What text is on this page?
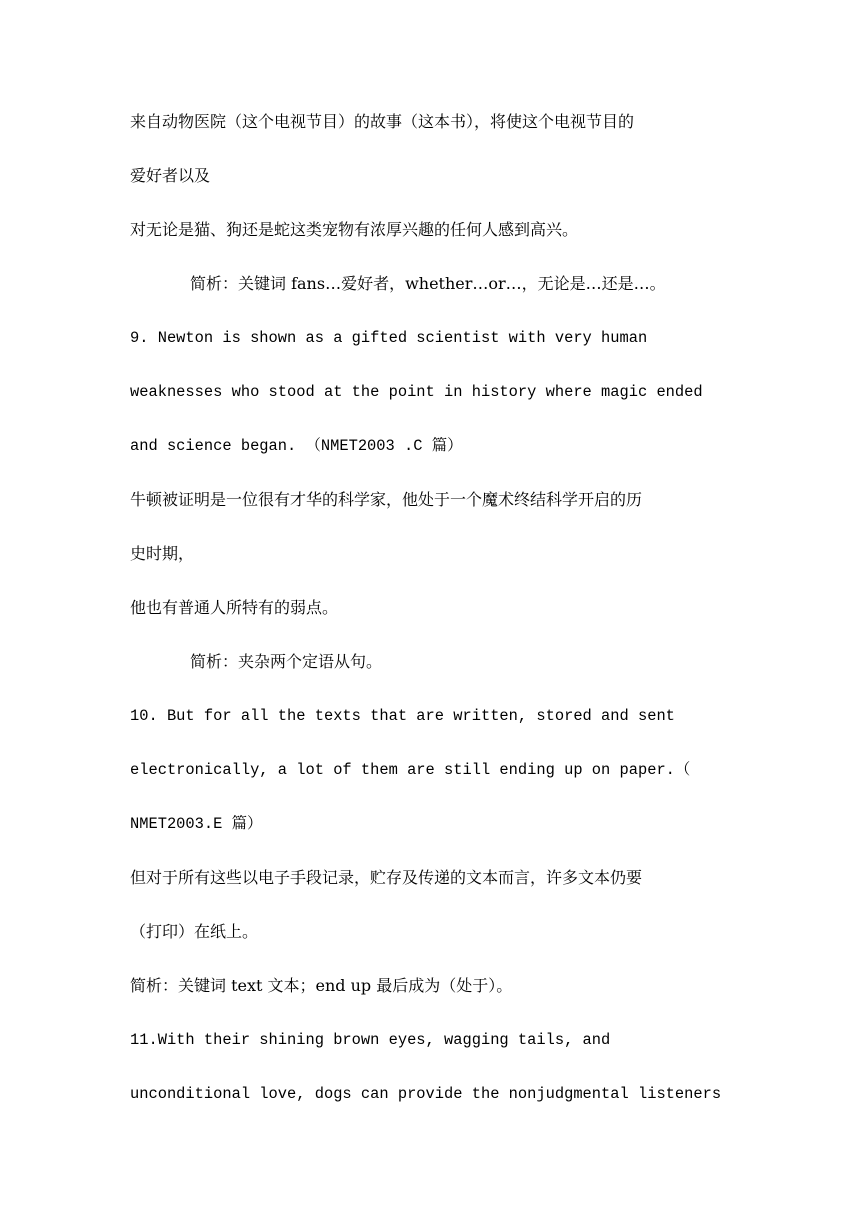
来自动物医院（这个电视节目）的故事（这本书），将使这个电视节目的
爱好者以及
对无论是猫、狗还是蛇这类宠物有浓厚兴趣的任何人感到高兴。
简析：关键词 fans…爱好者，whether…or…，无论是…还是…。
9. Newton is shown as a gifted scientist with very human
weaknesses who stood at the point in history where magic ended
and science began. （NMET2003 .C 篇）
牛顿被证明是一位很有才华的科学家，他处于一个魔术终结科学开启的历
史时期，
他也有普通人所特有的弱点。
简析：夹杂两个定语从句。
10. But for all the texts that are written, stored and sent
electronically, a lot of them are still ending up on paper.（
NMET2003.E 篇）
但对于所有这些以电子手段记录，贮存及传递的文本而言，许多文本仍要
（打印）在纸上。
简析：关键词 text 文本；end up 最后成为（处于）。
11.With their shining brown eyes, wagging tails, and
unconditional love, dogs can provide the nonjudgmental listeners
